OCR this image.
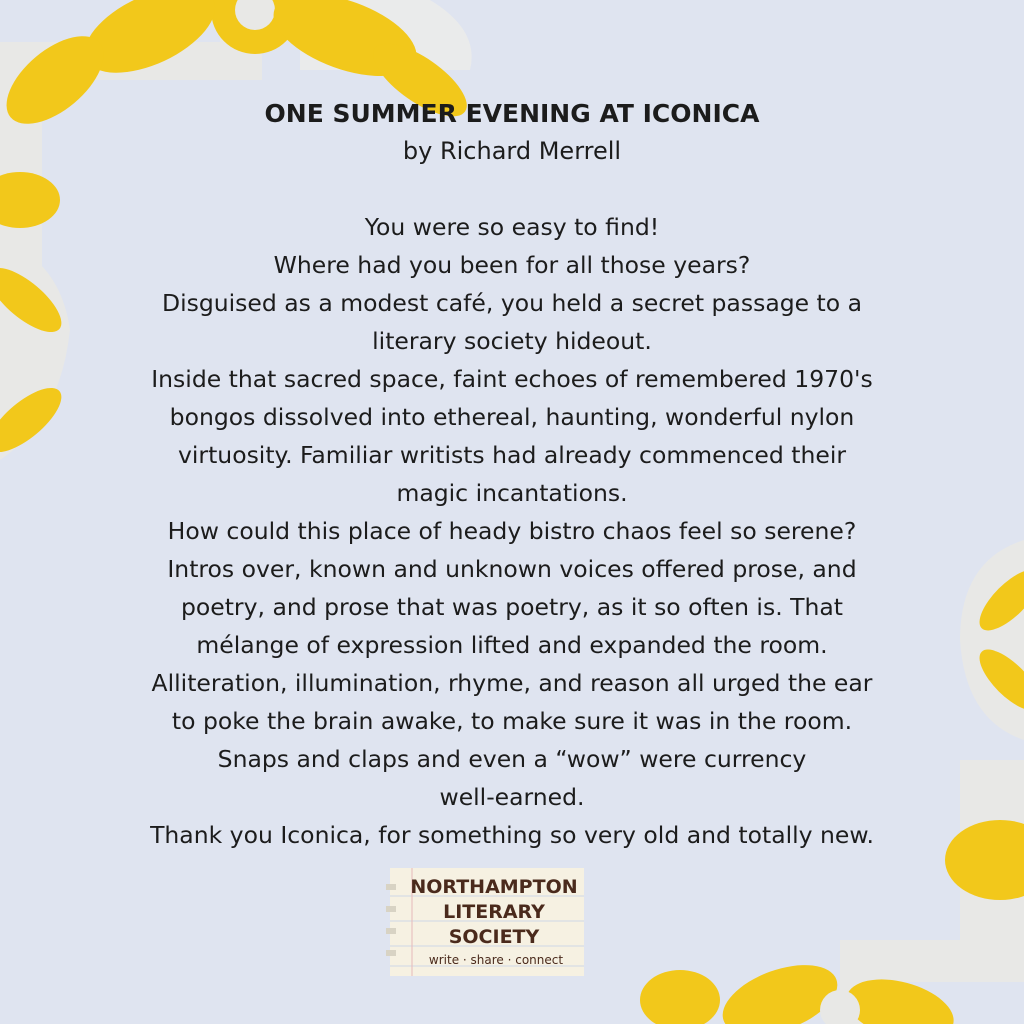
ONE SUMMER EVENING AT ICONICA

by Richard Merrell

You were so easy to find!

Where had you been for all those years?

Disguised as a modest café, you held a secret passage to a

literary society hideout.

Inside that sacred space, faint echoes of remembered 1970's

bongos dissolved into ethereal, haunting, wonderful nylon

virtuosity. Familiar writists had already commenced their

magic incantations.

How could this place of heady bistro chaos feel so serene?

Intros over, known and unknown voices offered prose, and

poetry, and prose that was poetry, as it so often is. That

mélange of expression lifted and expanded the room.

Alliteration, illumination, rhyme, and reason all urged the ear

to poke the brain awake, to make sure it was in the room.

Snaps and claps and even a “wow” were currency

well-earned.

Thank you Iconica, for something so very old and totally new.

NORTHAMPTON
LITERARY
SOCIETY
write · share · connect
